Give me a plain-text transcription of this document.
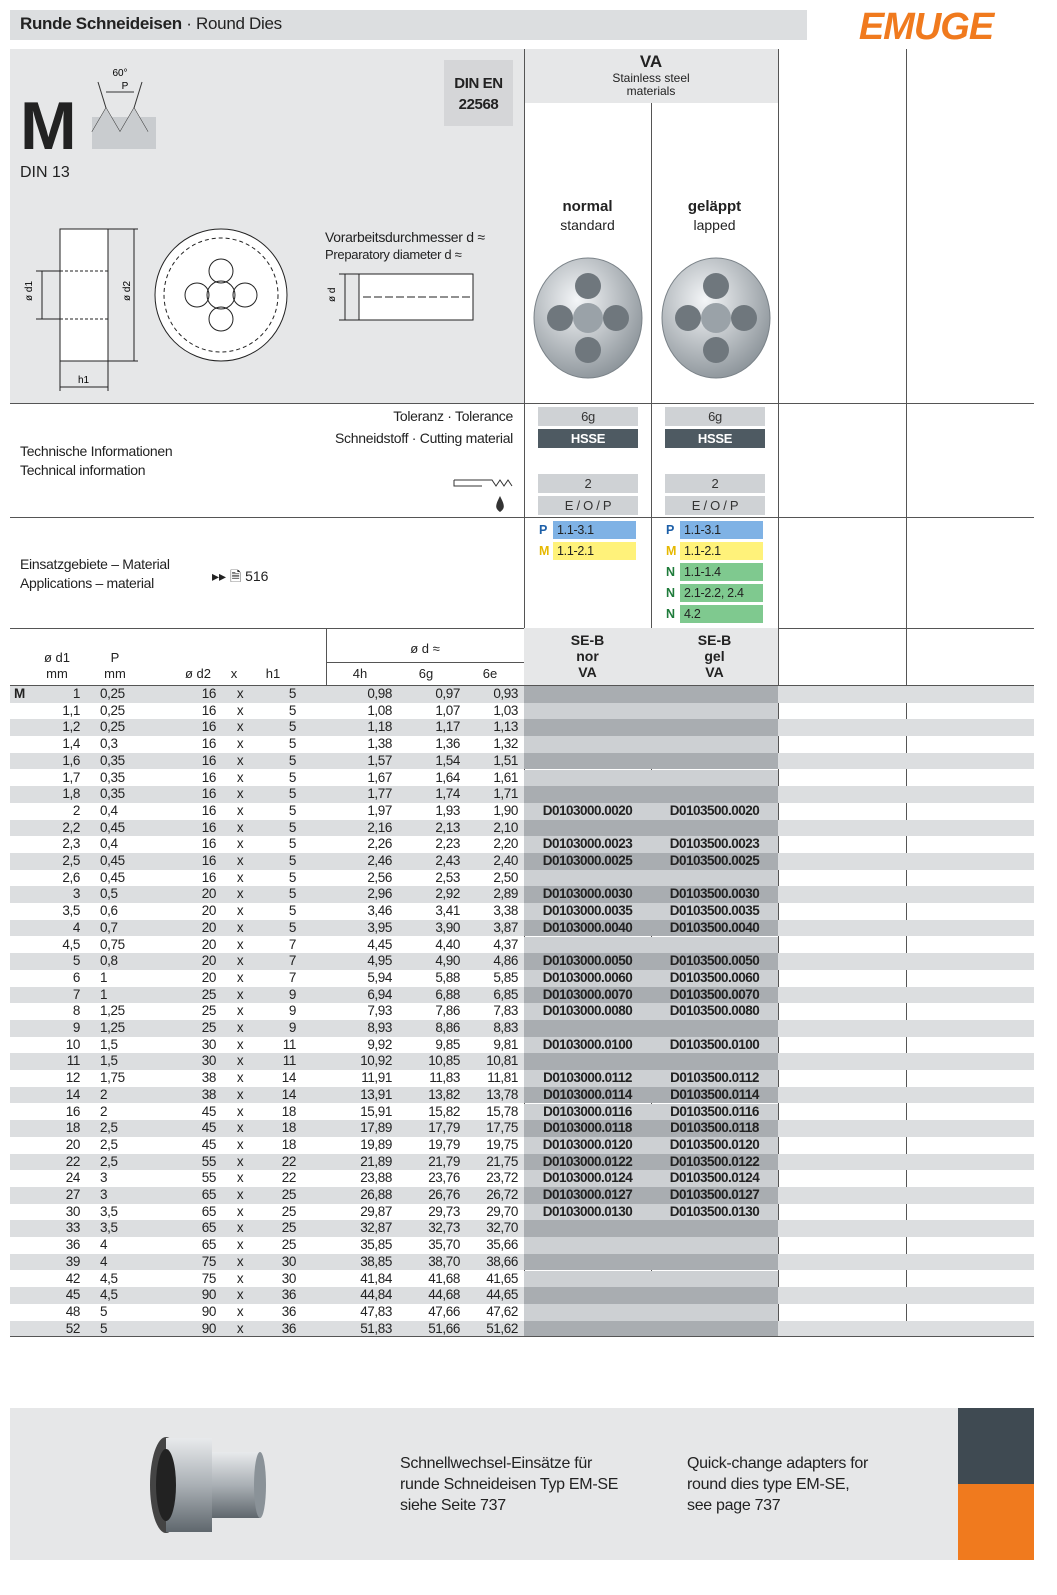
Runde Schneideisen · Round Dies	EMUGE
M
60°
P
DIN 13
DIN EN
22568
ø d1	ø d2
h1
Vorarbeitsdurchmesser d ≈
Preparatory diameter d ≈
ø d
VA
Stainless steel
materials
normal
standard
geläppt
lapped
Toleranz · Tolerance
Schneidstoff · Cutting material
Technische Informationen
Technical information
6g
HSSE
2
E / O / P
6g
HSSE
2
E / O / P
Einsatzgebiete – Material
Applications – material	▸▸ 🗎 516
P 1.1-3.1
M 1.1-2.1
P 1.1-3.1
M 1.1-2.1
N 1.1-1.4
N 2.1-2.2, 2.4
N 4.2
ø d1
mm
P
mm	ø d2	x	h1
ø d ≈
4h	6g	6e
SE-B
nor
VA
SE-B
gel
VA
1 0,25	16	x	5	0,98	0,97	0,93
1,1 0,25	16	x	5	1,08	1,07	1,03
1,2 0,25	16	x	5	1,18	1,17	1,13
1,4 0,3	16	x	5	1,38	1,36	1,32
1,6 0,35	16	x	5	1,57	1,54	1,51
1,7 0,35	16	x	5	1,67	1,64	1,61
1,8 0,35	16	x	5	1,77	1,74	1,71
2 0,4	16	x	5	1,97	1,93	1,90	D0103000.0020	D0103500.0020
2,2 0,45	16	x	5	2,16	2,13	2,10
2,3 0,4	16	x	5	2,26	2,23	2,20	D0103000.0023	D0103500.0023
2,5 0,45	16	x	5	2,46	2,43	2,40	D0103000.0025	D0103500.0025
2,6 0,45	16	x	5	2,56	2,53	2,50
3 0,5	20	x	5	2,96	2,92	2,89	D0103000.0030	D0103500.0030
3,5 0,6	20	x	5	3,46	3,41	3,38	D0103000.0035	D0103500.0035
4 0,7	20	x	5	3,95	3,90	3,87	D0103000.0040	D0103500.0040
4,5 0,75	20	x	7	4,45	4,40	4,37
5 0,8	20	x	7	4,95	4,90	4,86	D0103000.0050	D0103500.0050
6 1	20	x	7	5,94	5,88	5,85	D0103000.0060	D0103500.0060
7 1	25	x	9	6,94	6,88	6,85	D0103000.0070	D0103500.0070
8 1,25	25	x	9	7,93	7,86	7,83	D0103000.0080	D0103500.0080
9 1,25	25	x	9	8,93	8,86	8,83
10 1,5	30	x	11	9,92	9,85	9,81	D0103000.0100	D0103500.0100
11 1,5	30	x	11	10,92	10,85	10,81
12 1,75	38	x	14	11,91	11,83	11,81	D0103000.0112	D0103500.0112
14 2	38	x	14	13,91	13,82	13,78	D0103000.0114	D0103500.0114
16 2	45	x	18	15,91	15,82	15,78	D0103000.0116	D0103500.0116
18 2,5	45	x	18	17,89	17,79	17,75	D0103000.0118	D0103500.0118
20 2,5	45	x	18	19,89	19,79	19,75	D0103000.0120	D0103500.0120
22 2,5	55	x	22	21,89	21,79	21,75	D0103000.0122	D0103500.0122
24 3	55	x	22	23,88	23,76	23,72	D0103000.0124	D0103500.0124
27 3	65	x	25	26,88	26,76	26,72	D0103000.0127	D0103500.0127
30 3,5	65	x	25	29,87	29,73	29,70	D0103000.0130	D0103500.0130
33 3,5	65	x	25	32,87	32,73	32,70
36 4	65	x	25	35,85	35,70	35,66
39 4	75	x	30	38,85	38,70	38,66
42 4,5	75	x	30	41,84	41,68	41,65
45 4,5	90	x	36	44,84	44,68	44,65
48 5	90	x	36	47,83	47,66	47,62
52 5	90	x	36	51,83	51,66	51,62
M
Schnellwechsel-Einsätze für
runde Schneideisen Typ EM-SE
siehe Seite 737
Quick-change adapters for
round dies type EM-SE,
see page 737
